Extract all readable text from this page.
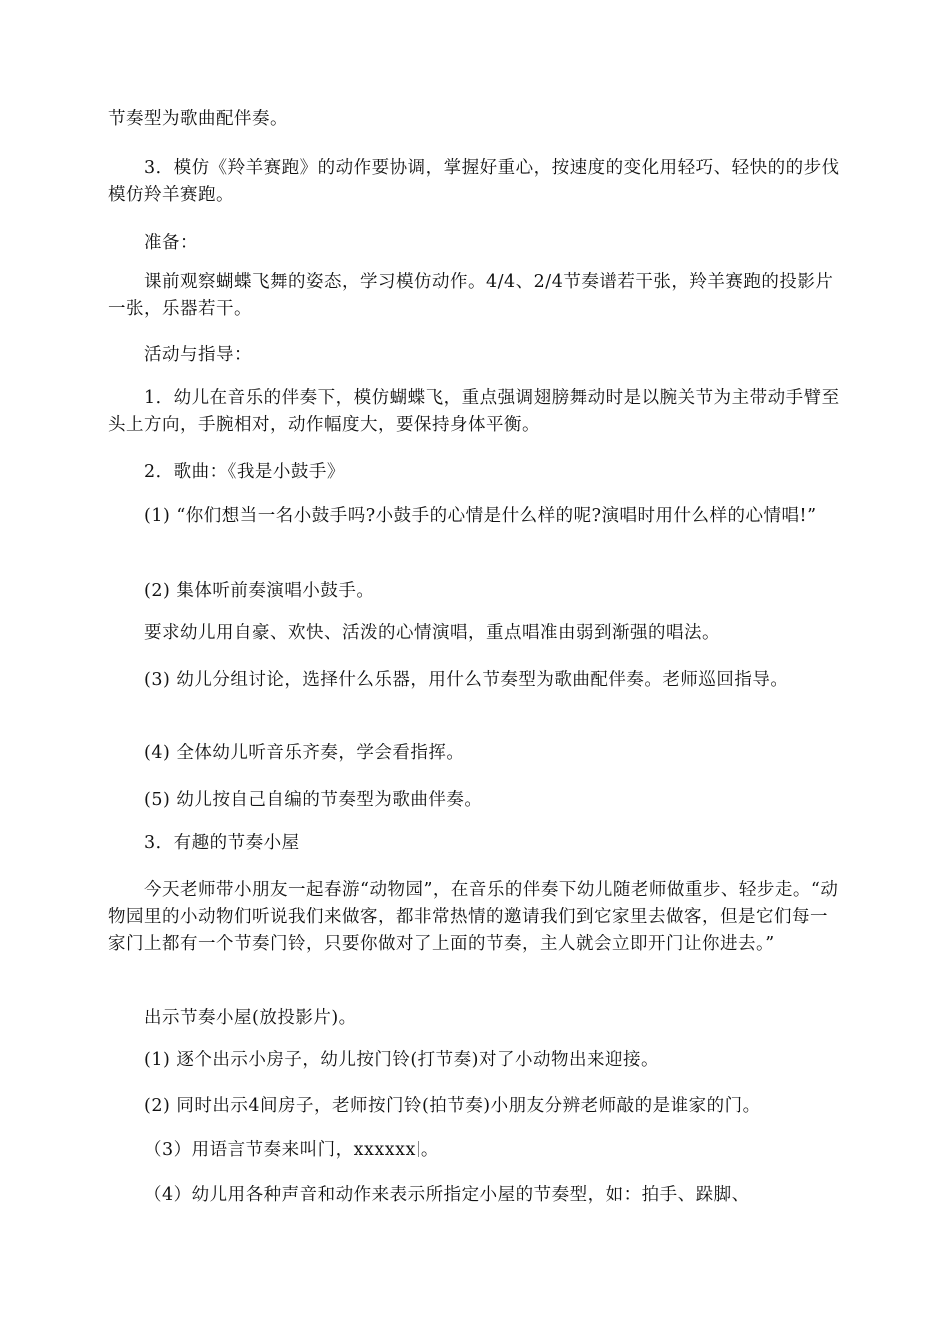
节奏型为歌曲配伴奏。

3．模仿《羚羊赛跑》的动作要协调，掌握好重心，按速度的变化用轻巧、轻快的的步伐模仿羚羊赛跑。

准备：

课前观察蝴蝶飞舞的姿态，学习模仿动作。4/4、2/4节奏谱若干张，羚羊赛跑的投影片一张，乐器若干。

活动与指导：

1．幼儿在音乐的伴奏下，模仿蝴蝶飞，重点强调翅膀舞动时是以腕关节为主带动手臂至头上方向，手腕相对，动作幅度大，要保持身体平衡。

2．歌曲：《我是小鼓手》

(1) “你们想当一名小鼓手吗?小鼓手的心情是什么样的呢?演唱时用什么样的心情唱!”

(2) 集体听前奏演唱小鼓手。

要求幼儿用自豪、欢快、活泼的心情演唱，重点唱准由弱到渐强的唱法。

(3) 幼儿分组讨论，选择什么乐器，用什么节奏型为歌曲配伴奏。老师巡回指导。

(4) 全体幼儿听音乐齐奏，学会看指挥。

(5) 幼儿按自己自编的节奏型为歌曲伴奏。

3．有趣的节奏小屋

今天老师带小朋友一起春游“动物园”，在音乐的伴奏下幼儿随老师做重步、轻步走。“动物园里的小动物们听说我们来做客，都非常热情的邀请我们到它家里去做客，但是它们每一家门上都有一个节奏门铃，只要你做对了上面的节奏，主人就会立即开门让你进去。”

出示节奏小屋(放投影片)。

(1) 逐个出示小房子，幼儿按门铃(打节奏)对了小动物出来迎接。

(2) 同时出示4间房子，老师按门铃(拍节奏)小朋友分辨老师敲的是谁家的门。

（3）用语言节奏来叫门，xxxxxx 。

（4）幼儿用各种声音和动作来表示所指定小屋的节奏型，如：拍手、跺脚、
